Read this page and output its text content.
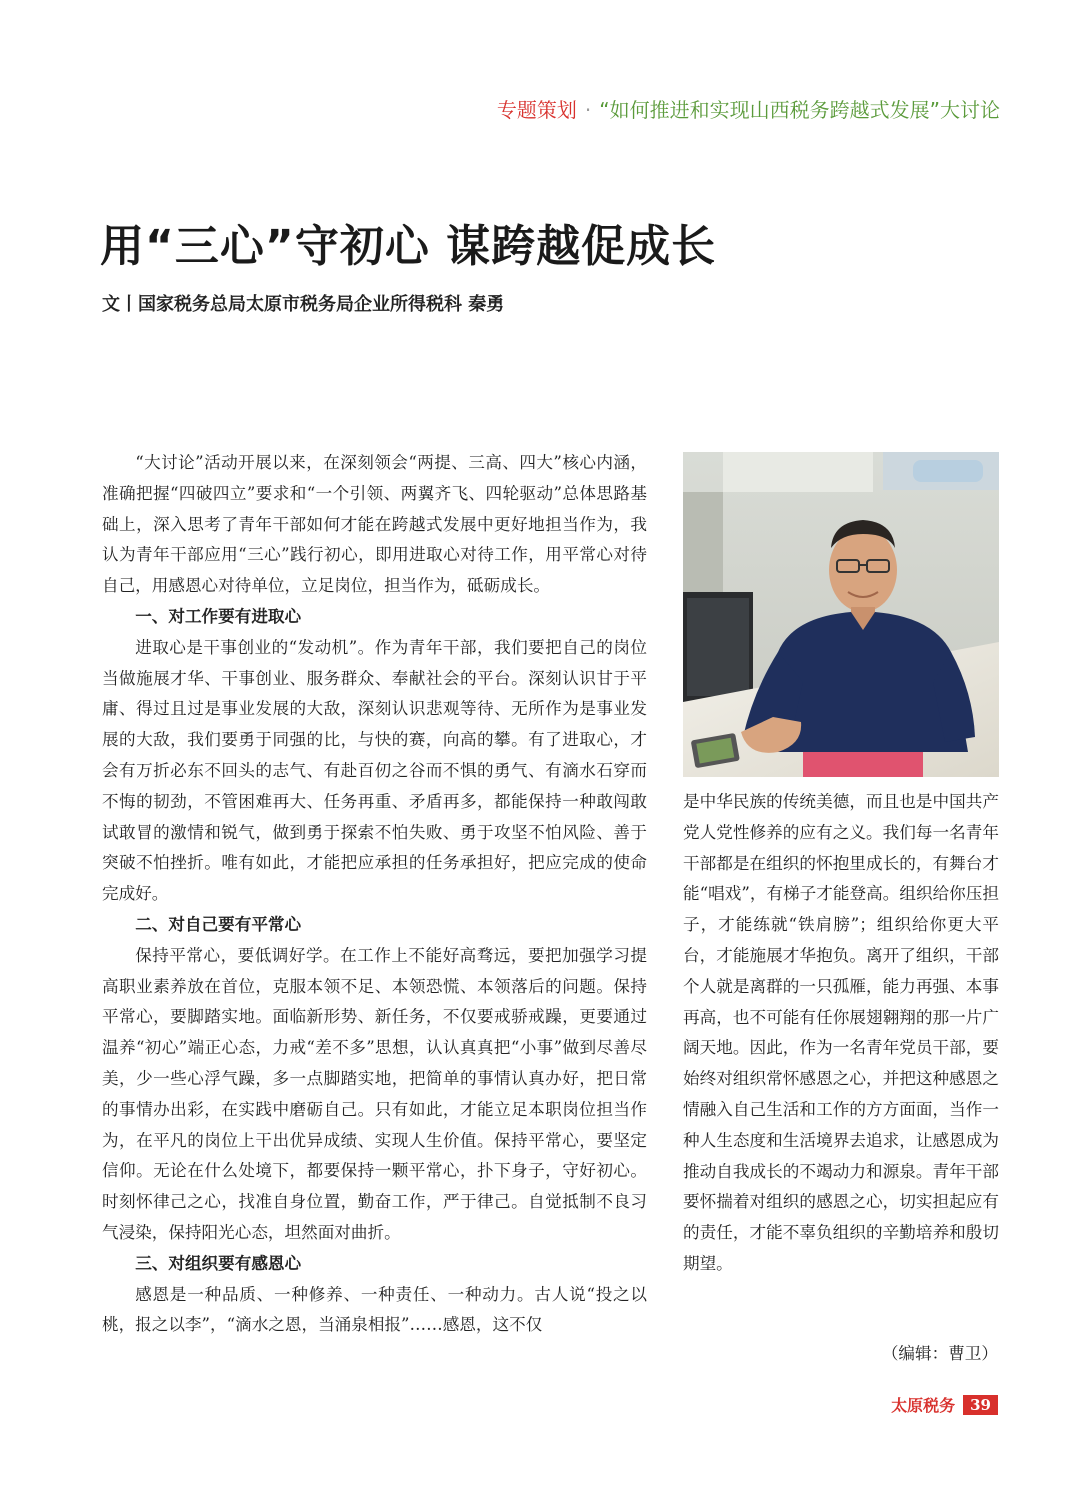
专题策划 · “如何推进和实现山西税务跨越式发展”大讨论
用“三心”守初心 谋跨越促成长
文丨国家税务总局太原市税务局企业所得税科 秦勇

“大讨论”活动开展以来，在深刻领会“两提、三高、四大”核心内涵，准确把握“四破四立”要求和“一个引领、两翼齐飞、四轮驱动”总体思路基础上，深入思考了青年干部如何才能在跨越式发展中更好地担当作为，我认为青年干部应用“三心”践行初心，即用进取心对待工作，用平常心对待自己，用感恩心对待单位，立足岗位，担当作为，砥砺成长。

一、对工作要有进取心

进取心是干事创业的“发动机”。作为青年干部，我们要把自己的岗位当做施展才华、干事创业、服务群众、奉献社会的平台。深刻认识甘于平庸、得过且过是事业发展的大敌，深刻认识悲观等待、无所作为是事业发展的大敌，我们要勇于同强的比，与快的赛，向高的攀。有了进取心，才会有万折必东不回头的志气、有赴百仞之谷而不惧的勇气、有滴水石穿而不悔的韧劲，不管困难再大、任务再重、矛盾再多，都能保持一种敢闯敢试敢冒的激情和锐气，做到勇于探索不怕失败、勇于攻坚不怕风险、善于突破不怕挫折。唯有如此，才能把应承担的任务承担好，把应完成的使命完成好。

二、对自己要有平常心

保持平常心，要低调好学。在工作上不能好高骛远，要把加强学习提高职业素养放在首位，克服本领不足、本领恐慌、本领落后的问题。保持平常心，要脚踏实地。面临新形势、新任务，不仅要戒骄戒躁，更要通过温养“初心”端正心态，力戒“差不多”思想，认认真真把“小事”做到尽善尽美，少一些心浮气躁，多一点脚踏实地，把简单的事情认真办好，把日常的事情办出彩，在实践中磨砺自己。只有如此，才能立足本职岗位担当作为，在平凡的岗位上干出优异成绩、实现人生价值。保持平常心，要坚定信仰。无论在什么处境下，都要保持一颗平常心，扑下身子，守好初心。时刻怀律己之心，找准自身位置，勤奋工作，严于律己。自觉抵制不良习气浸染，保持阳光心态，坦然面对曲折。

三、对组织要有感恩心

感恩是一种品质、一种修养、一种责任、一种动力。古人说“投之以桃，报之以李”，“滴水之恩，当涌泉相报”……感恩，这不仅

是中华民族的传统美德，而且也是中国共产党人党性修养的应有之义。我们每一名青年干部都是在组织的怀抱里成长的，有舞台才能“唱戏”，有梯子才能登高。组织给你压担子，才能练就“铁肩膀”；组织给你更大平台，才能施展才华抱负。离开了组织，干部个人就是离群的一只孤雁，能力再强、本事再高，也不可能有任你展翅翱翔的那一片广阔天地。因此，作为一名青年党员干部，要始终对组织常怀感恩之心，并把这种感恩之情融入自己生活和工作的方方面面，当作一种人生态度和生活境界去追求，让感恩成为推动自我成长的不竭动力和源泉。青年干部要怀揣着对组织的感恩之心，切实担起应有的责任，才能不辜负组织的辛勤培养和殷切期望。

（编辑：曹卫）
太原税务	39
